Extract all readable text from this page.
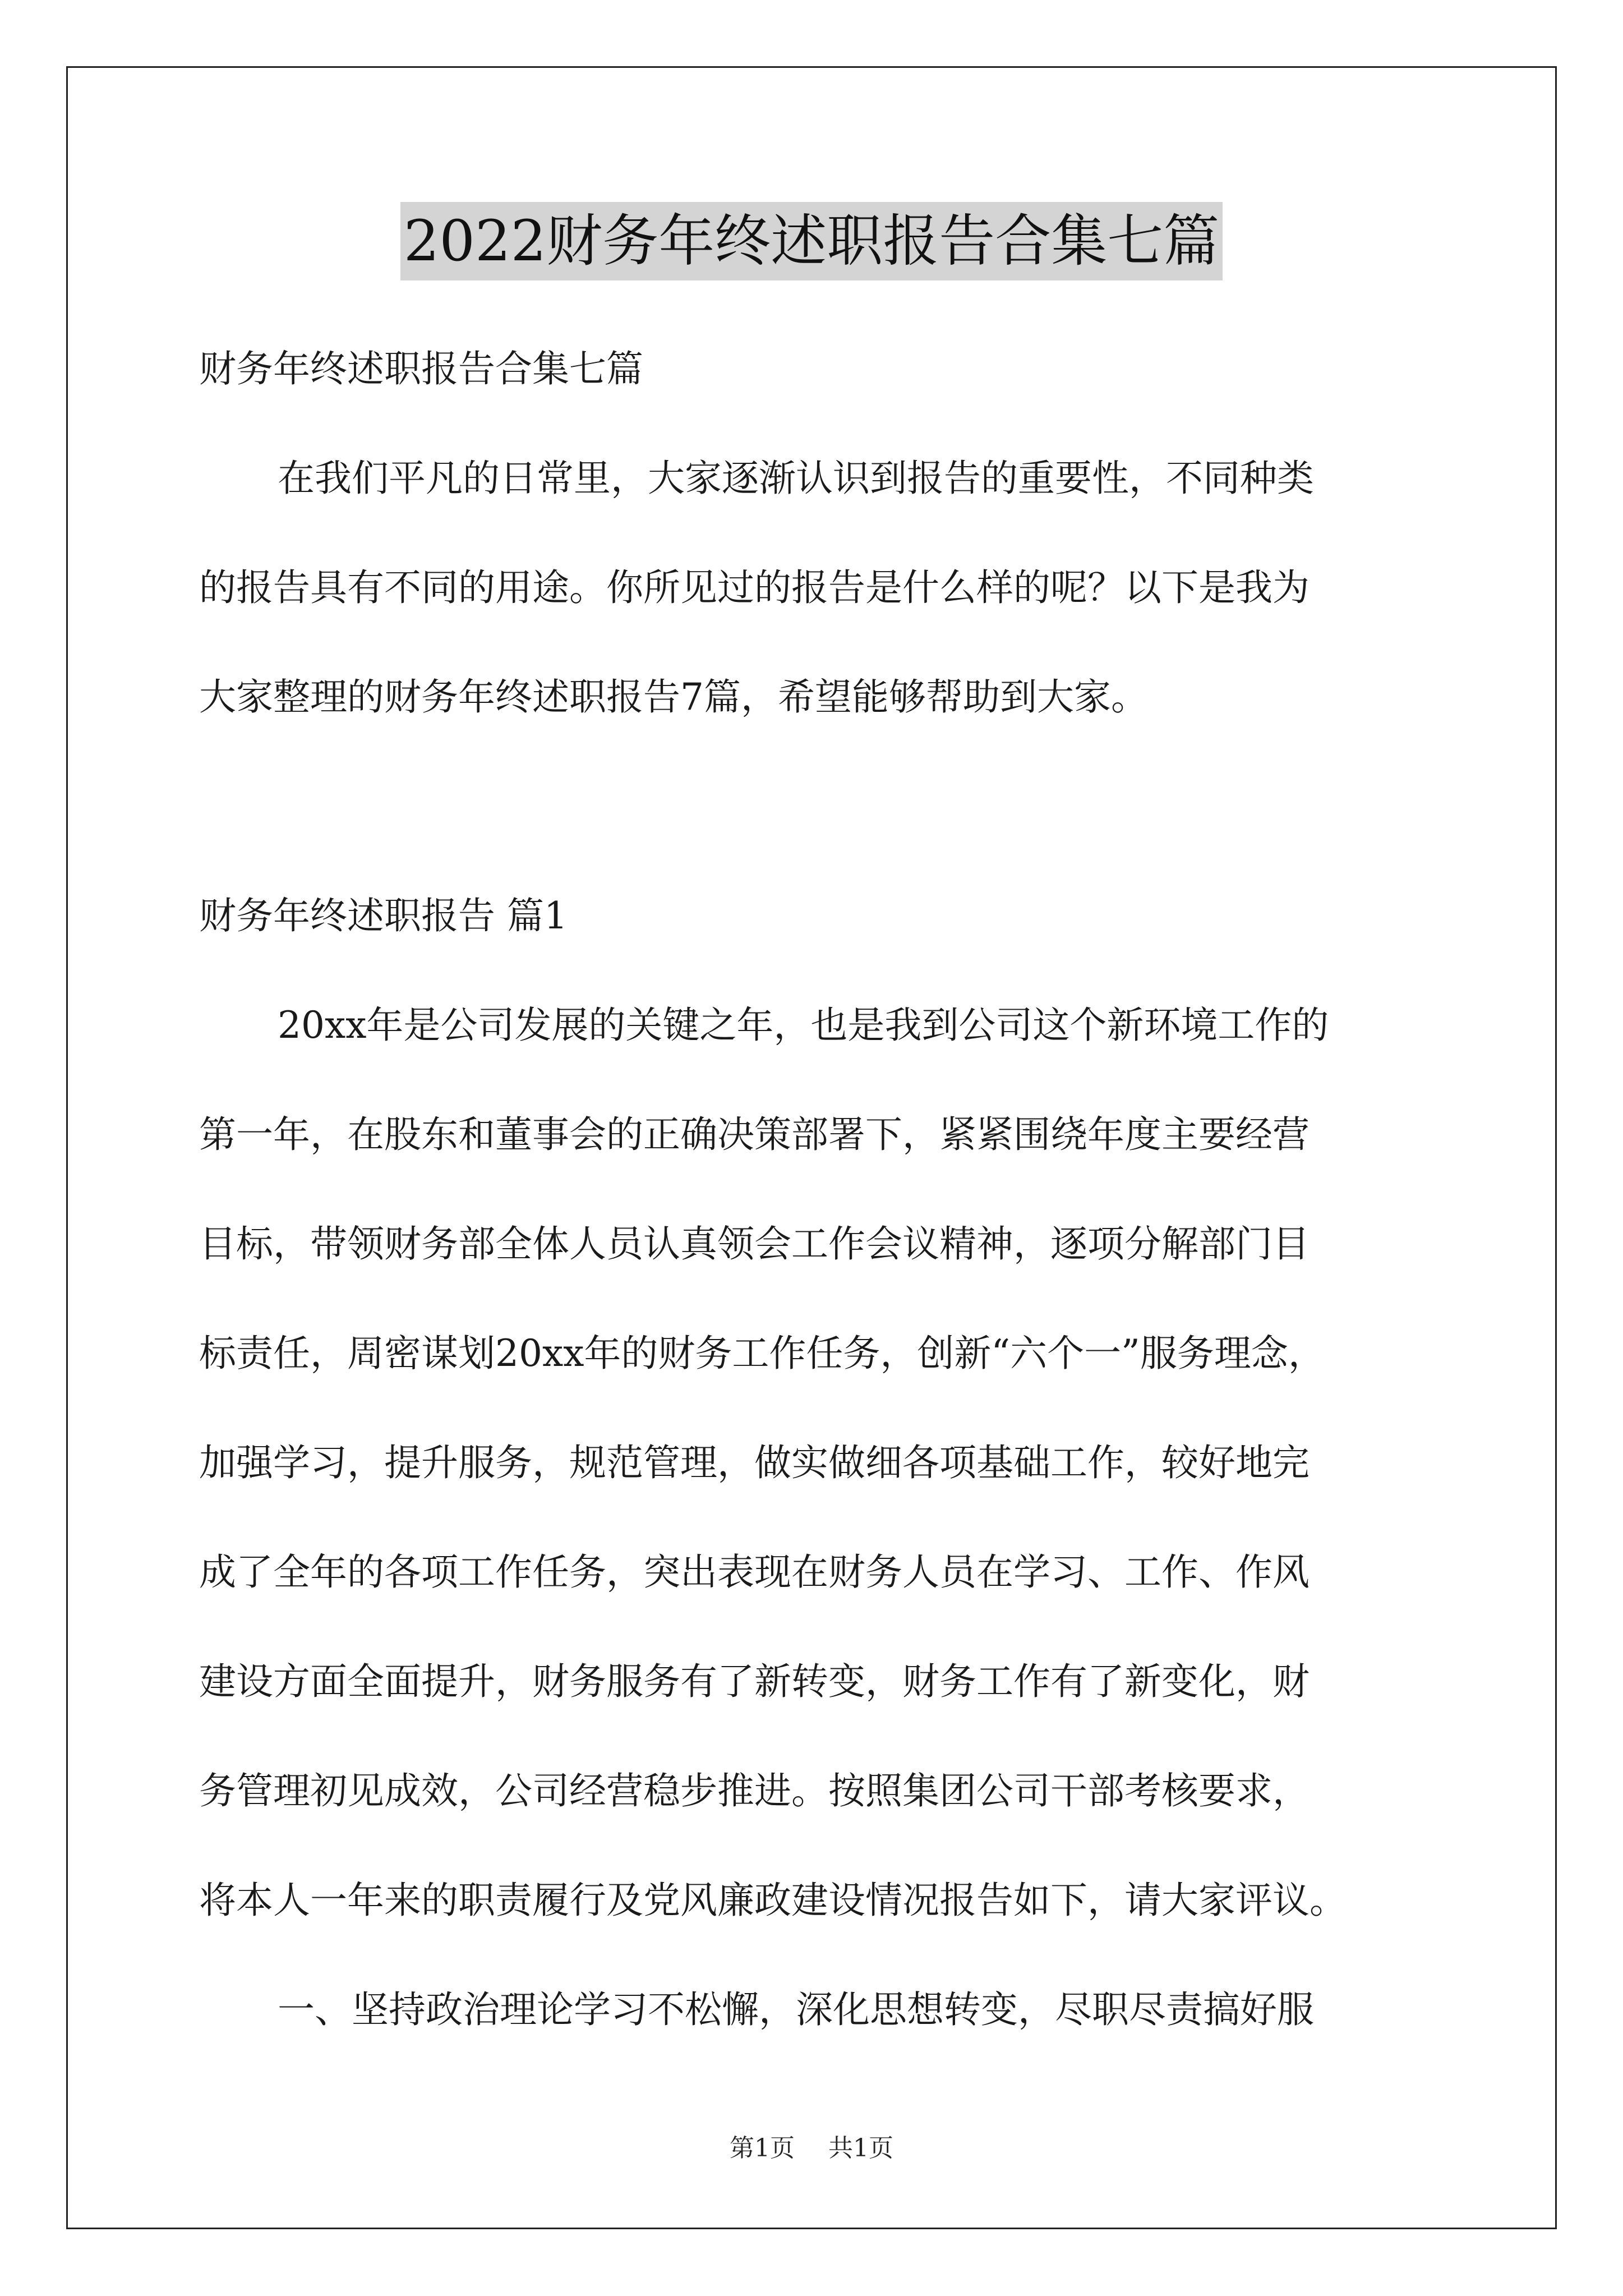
2022财务年终述职报告合集七篇

财务年终述职报告合集七篇

在我们平凡的日常里，大家逐渐认识到报告的重要性，不同种类

的报告具有不同的用途。你所见过的报告是什么样的呢？以下是我为

大家整理的财务年终述职报告7篇，希望能够帮助到大家。

财务年终述职报告 篇1

20xx年是公司发展的关键之年，也是我到公司这个新环境工作的

第一年，在股东和董事会的正确决策部署下，紧紧围绕年度主要经营

目标，带领财务部全体人员认真领会工作会议精神，逐项分解部门目

标责任，周密谋划20xx年的财务工作任务，创新“六个一”服务理念，

加强学习，提升服务，规范管理，做实做细各项基础工作，较好地完

成了全年的各项工作任务，突出表现在财务人员在学习、工作、作风

建设方面全面提升，财务服务有了新转变，财务工作有了新变化，财

务管理初见成效，公司经营稳步推进。按照集团公司干部考核要求，

将本人一年来的职责履行及党风廉政建设情况报告如下，请大家评议。

一、坚持政治理论学习不松懈，深化思想转变，尽职尽责搞好服

第1页 共1页
